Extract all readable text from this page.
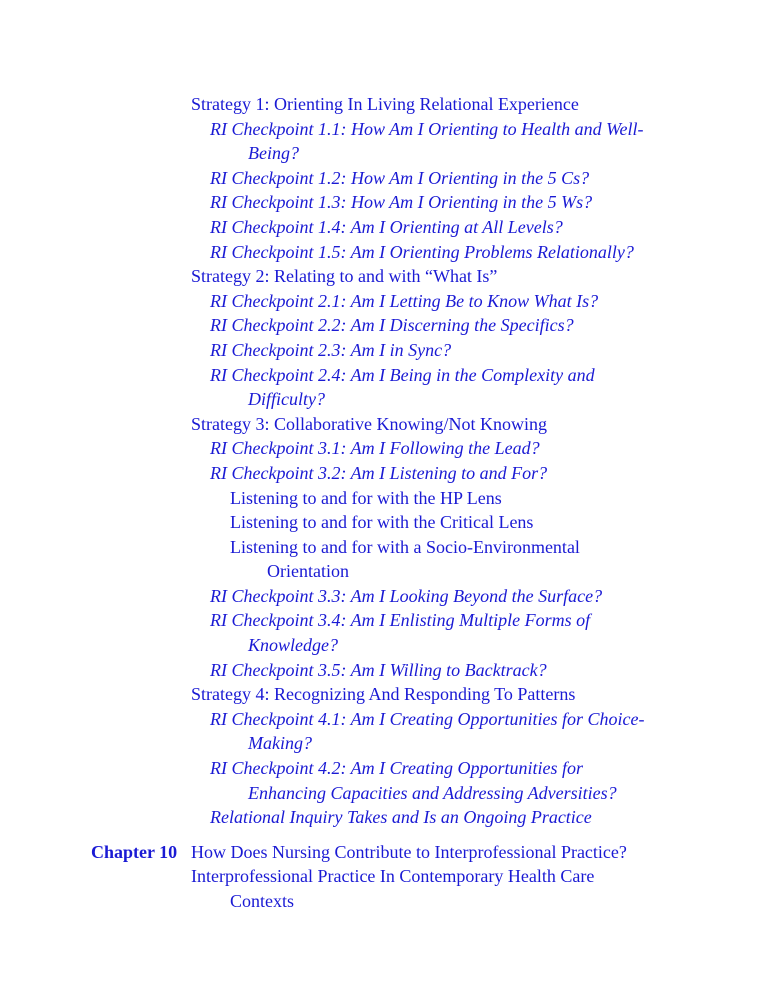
Strategy 1: Orienting In Living Relational Experience
RI Checkpoint 1.1: How Am I Orienting to Health and Well-
Being?
RI Checkpoint 1.2: How Am I Orienting in the 5 Cs?
RI Checkpoint 1.3: How Am I Orienting in the 5 Ws?
RI Checkpoint 1.4: Am I Orienting at All Levels?
RI Checkpoint 1.5: Am I Orienting Problems Relationally?
Strategy 2: Relating to and with “What Is”
RI Checkpoint 2.1: Am I Letting Be to Know What Is?
RI Checkpoint 2.2: Am I Discerning the Specifics?
RI Checkpoint 2.3: Am I in Sync?
RI Checkpoint 2.4: Am I Being in the Complexity and
Difficulty?
Strategy 3: Collaborative Knowing/Not Knowing
RI Checkpoint 3.1: Am I Following the Lead?
RI Checkpoint 3.2: Am I Listening to and For?
Listening to and for with the HP Lens
Listening to and for with the Critical Lens
Listening to and for with a Socio-Environmental
Orientation
RI Checkpoint 3.3: Am I Looking Beyond the Surface?
RI Checkpoint 3.4: Am I Enlisting Multiple Forms of
Knowledge?
RI Checkpoint 3.5: Am I Willing to Backtrack?
Strategy 4: Recognizing And Responding To Patterns
RI Checkpoint 4.1: Am I Creating Opportunities for Choice-
Making?
RI Checkpoint 4.2: Am I Creating Opportunities for
Enhancing Capacities and Addressing Adversities?
Relational Inquiry Takes and Is an Ongoing Practice
Chapter 10 How Does Nursing Contribute to Interprofessional Practice?
Interprofessional Practice In Contemporary Health Care
Contexts
